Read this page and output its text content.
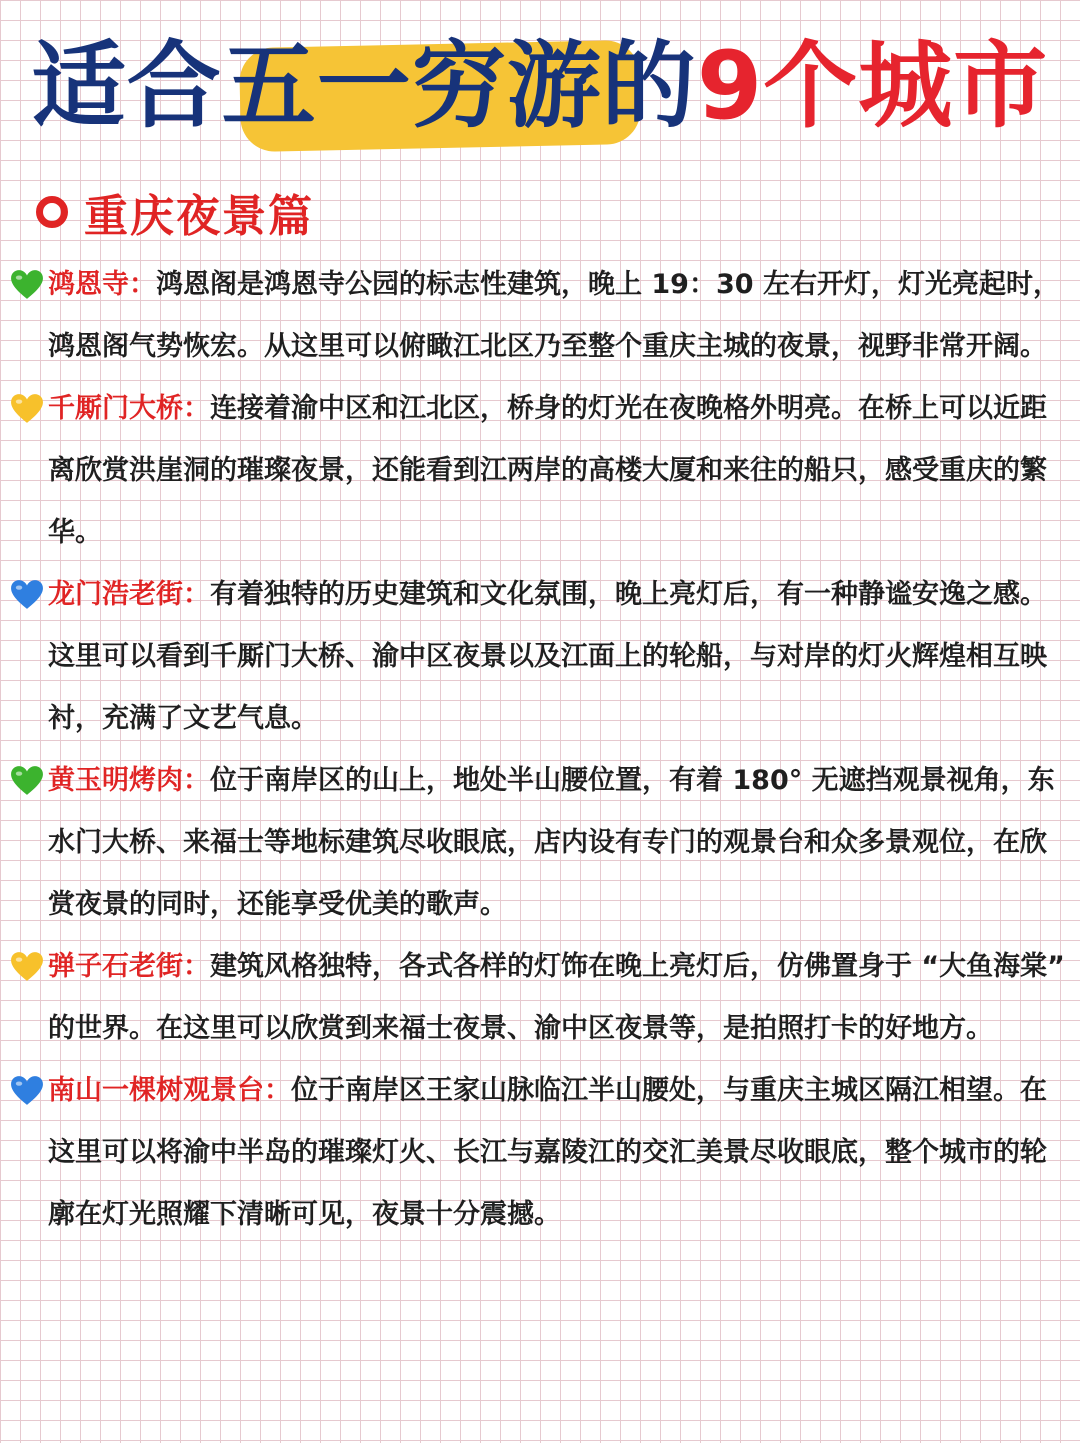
适合五一穷游的9个城市
重庆夜景篇
鸿恩寺：鸿恩阁是鸿恩寺公园的标志性建筑，晚上 19：30 左右开灯，灯光亮起时，鸿恩阁气势恢宏。从这里可以俯瞰江北区乃至整个重庆主城的夜景，视野非常开阔。
千厮门大桥：连接着渝中区和江北区，桥身的灯光在夜晚格外明亮。在桥上可以近距离欣赏洪崖洞的璀璨夜景，还能看到江两岸的高楼大厦和来往的船只，感受重庆的繁华。
龙门浩老街：有着独特的历史建筑和文化氛围，晚上亮灯后，有一种静谧安逸之感。这里可以看到千厮门大桥、渝中区夜景以及江面上的轮船，与对岸的灯火辉煌相互映衬，充满了文艺气息。
黄玉明烤肉：位于南岸区的山上，地处半山腰位置，有着 180° 无遮挡观景视角，东水门大桥、来福士等地标建筑尽收眼底，店内设有专门的观景台和众多景观位，在欣赏夜景的同时，还能享受优美的歌声。
弹子石老街：建筑风格独特，各式各样的灯饰在晚上亮灯后，仿佛置身于 “大鱼海棠” 的世界。在这里可以欣赏到来福士夜景、渝中区夜景等，是拍照打卡的好地方。
南山一棵树观景台：位于南岸区王家山脉临江半山腰处，与重庆主城区隔江相望。在这里可以将渝中半岛的璀璨灯火、长江与嘉陵江的交汇美景尽收眼底，整个城市的轮廓在灯光照耀下清晰可见，夜景十分震撼。
